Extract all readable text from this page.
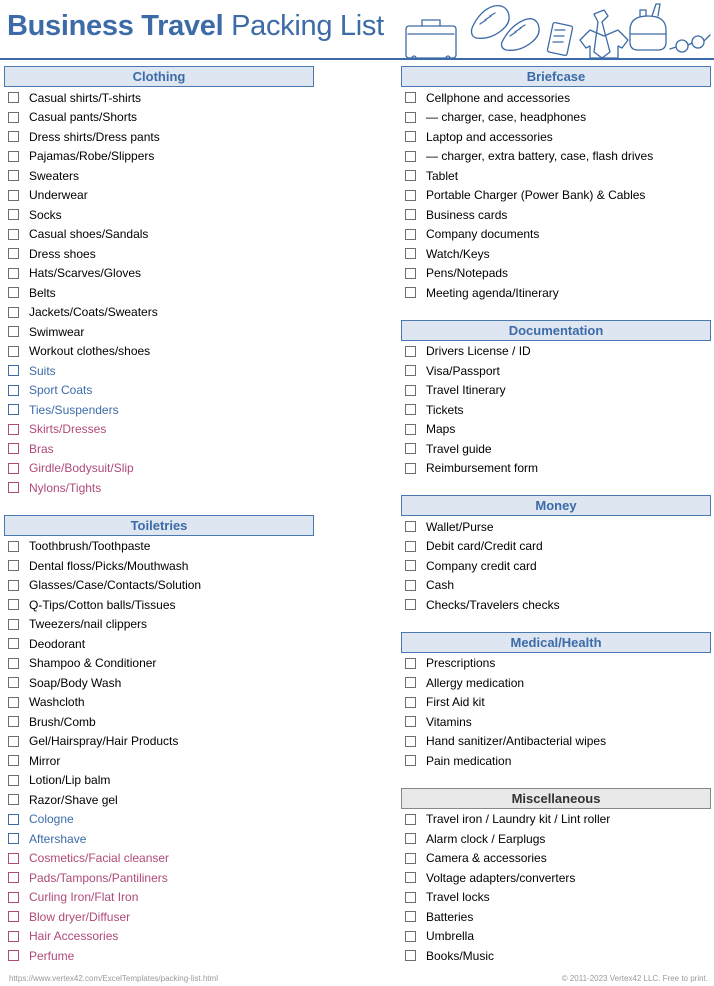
Business Travel Packing List
Clothing
Casual shirts/T-shirts
Casual pants/Shorts
Dress shirts/Dress pants
Pajamas/Robe/Slippers
Sweaters
Underwear
Socks
Casual shoes/Sandals
Dress shoes
Hats/Scarves/Gloves
Belts
Jackets/Coats/Sweaters
Swimwear
Workout clothes/shoes
Suits
Sport Coats
Ties/Suspenders
Skirts/Dresses
Bras
Girdle/Bodysuit/Slip
Nylons/Tights
Toiletries
Toothbrush/Toothpaste
Dental floss/Picks/Mouthwash
Glasses/Case/Contacts/Solution
Q-Tips/Cotton balls/Tissues
Tweezers/nail clippers
Deodorant
Shampoo & Conditioner
Soap/Body Wash
Washcloth
Brush/Comb
Gel/Hairspray/Hair Products
Mirror
Lotion/Lip balm
Razor/Shave gel
Cologne
Aftershave
Cosmetics/Facial cleanser
Pads/Tampons/Pantiliners
Curling Iron/Flat Iron
Blow dryer/Diffuser
Hair Accessories
Perfume
Briefcase
Cellphone and accessories
— charger, case, headphones
Laptop and accessories
— charger, extra battery, case, flash drives
Tablet
Portable Charger (Power Bank) & Cables
Business cards
Company documents
Watch/Keys
Pens/Notepads
Meeting agenda/Itinerary
Documentation
Drivers License / ID
Visa/Passport
Travel Itinerary
Tickets
Maps
Travel guide
Reimbursement form
Money
Wallet/Purse
Debit card/Credit card
Company credit card
Cash
Checks/Travelers checks
Medical/Health
Prescriptions
Allergy medication
First Aid kit
Vitamins
Hand sanitizer/Antibacterial wipes
Pain medication
Miscellaneous
Travel iron / Laundry kit / Lint roller
Alarm clock / Earplugs
Camera & accessories
Voltage adapters/converters
Travel locks
Batteries
Umbrella
Books/Music
https://www.vertex42.com/ExcelTemplates/packing-list.html	© 2011-2023 Vertex42 LLC. Free to print.
